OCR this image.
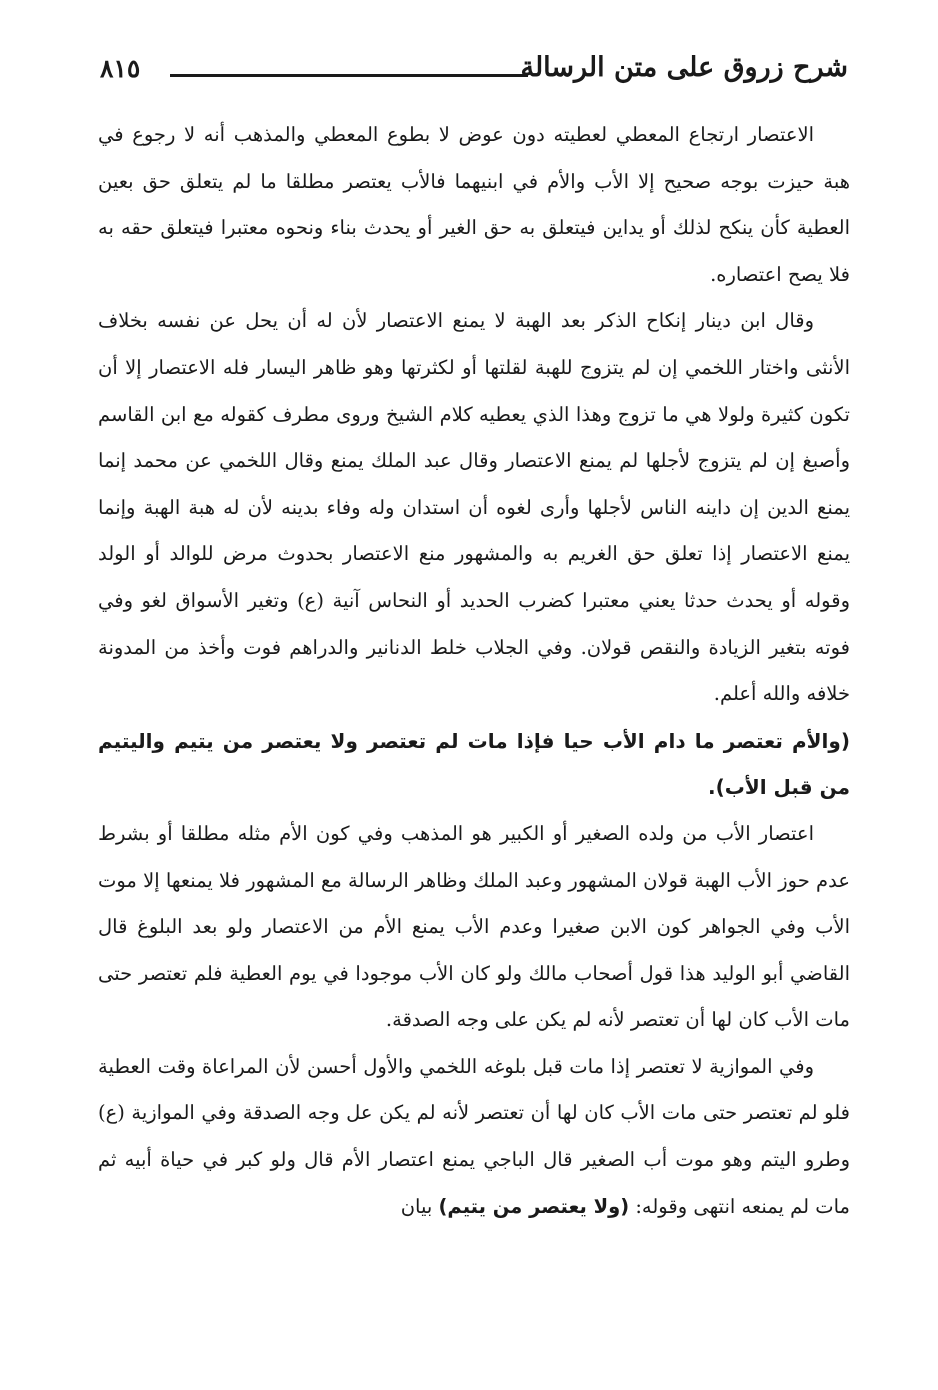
شرح زروق على متن الرسالة
٨١٥

الاعتصار ارتجاع المعطي لعطيته دون عوض لا بطوع المعطي والمذهب أنه لا رجوع في هبة حيزت بوجه صحيح إلا الأب والأم في ابنيهما فالأب يعتصر مطلقا ما لم يتعلق حق بعين العطية كأن ينكح لذلك أو يداين فيتعلق به حق الغير أو يحدث بناء ونحوه معتبرا فيتعلق حقه به فلا يصح اعتصاره.

وقال ابن دينار إنكاح الذكر بعد الهبة لا يمنع الاعتصار لأن له أن يحل عن نفسه بخلاف الأنثى واختار اللخمي إن لم يتزوج للهبة لقلتها أو لكثرتها وهو ظاهر اليسار فله الاعتصار إلا أن تكون كثيرة ولولا هي ما تزوج وهذا الذي يعطيه كلام الشيخ وروى مطرف كقوله مع ابن القاسم وأصبغ إن لم يتزوج لأجلها لم يمنع الاعتصار وقال عبد الملك يمنع وقال اللخمي عن محمد إنما يمنع الدين إن داينه الناس لأجلها وأرى لغوه أن استدان وله وفاء بدينه لأن له هبة الهبة وإنما يمنع الاعتصار إذا تعلق حق الغريم به والمشهور منع الاعتصار بحدوث مرض للوالد أو الولد وقوله أو يحدث حدثا يعني معتبرا كضرب الحديد أو النحاس آنية (ع) وتغير الأسواق لغو وفي فوته بتغير الزيادة والنقص قولان. وفي الجلاب خلط الدنانير والدراهم فوت وأخذ من المدونة خلافه والله أعلم.

(والأم تعتصر ما دام الأب حيا فإذا مات لم تعتصر ولا يعتصر من يتيم واليتيم من قبل الأب).

اعتصار الأب من ولده الصغير أو الكبير هو المذهب وفي كون الأم مثله مطلقا أو بشرط عدم حوز الأب الهبة قولان المشهور وعبد الملك وظاهر الرسالة مع المشهور فلا يمنعها إلا موت الأب وفي الجواهر كون الابن صغيرا وعدم الأب يمنع الأم من الاعتصار ولو بعد البلوغ قال القاضي أبو الوليد هذا قول أصحاب مالك ولو كان الأب موجودا في يوم العطية فلم تعتصر حتى مات الأب كان لها أن تعتصر لأنه لم يكن على وجه الصدقة.

وفي الموازية لا تعتصر إذا مات قبل بلوغه اللخمي والأول أحسن لأن المراعاة وقت العطية فلو لم تعتصر حتى مات الأب كان لها أن تعتصر لأنه لم يكن عل وجه الصدقة وفي الموازية (ع) وطرو اليتم وهو موت أب الصغير قال الباجي يمنع اعتصار الأم قال ولو كبر في حياة أبيه ثم مات لم يمنعه انتهى وقوله: (ولا يعتصر من يتيم) بيان
